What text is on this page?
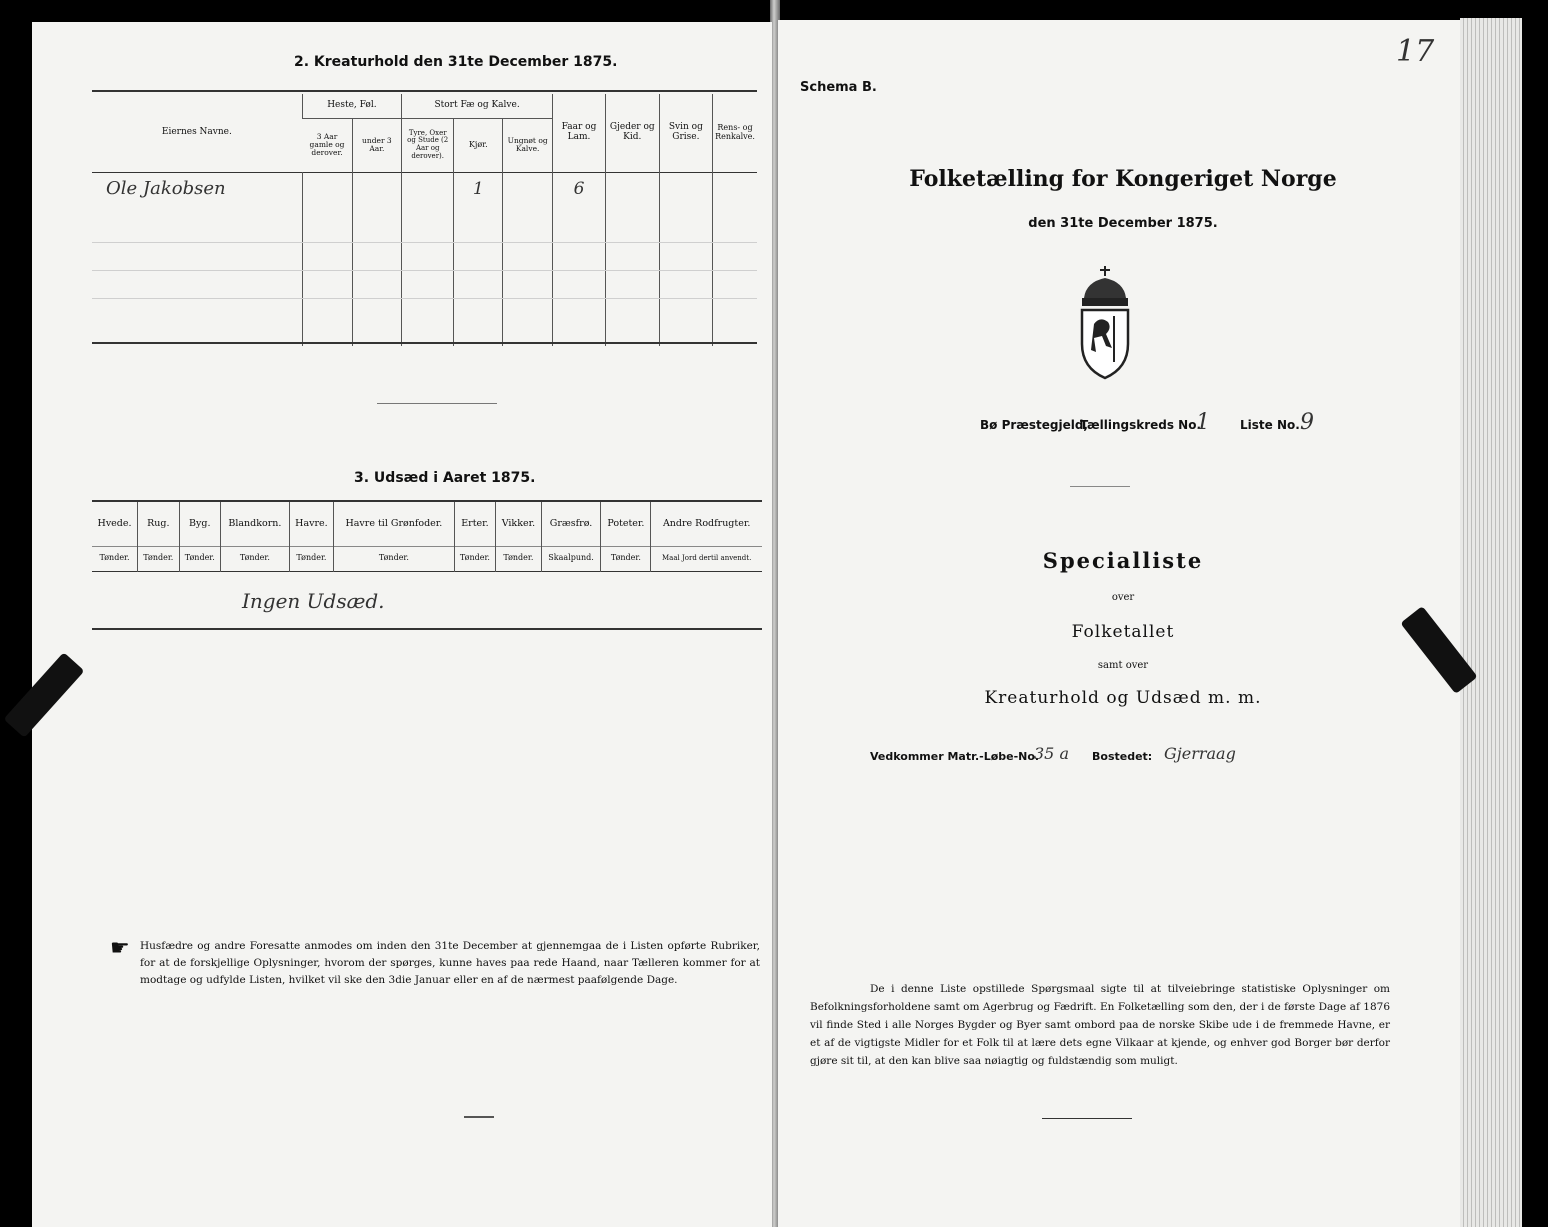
2. Kreaturhold den 31te December 1875.
Eiernes Navne.	Heste, Føl.		Stort Fæ og Kalve.			Faar og Lam.	Gjeder og Kid.	Svin og Grise.	Rens- og Renkalve.
	3 Aar gamle og derover.	under 3 Aar.	Tyre, Oxer og Stude (2 Aar og derover).	Kjør.	Ungnøt og Kalve.				
Ole Jakobsen				1		6			

3. Udsæd i Aaret 1875.
Hvede.	Rug.	Byg.	Blandkorn.	Havre.	Havre til Grønfoder.	Erter.	Vikker.	Græsfrø.	Poteter.	Andre Rodfrugter.
Tønder.	Tønder.	Tønder.	Tønder.	Tønder.	Tønder.	Tønder.	Tønder.	Skaalpund.	Tønder.	Maal Jord dertil anvendt.
Ingen Udsæd.										
☛ Husfædre og andre Foresatte anmodes om inden den 31te December at gjennemgaa de i Listen opførte Rubriker, for at de forskjellige Oplysninger, hvorom der spørges, kunne haves paa rede Haand, naar Tælleren kommer for at modtage og udfylde Listen, hvilket vil ske den 3die Januar eller en af de nærmest paafølgende Dage.
17
Schema B.
Folketælling for Kongeriget Norge
den 31te December 1875.
Bø Præstegjeld,
Tællingskreds No.
1	Liste No. 9
Specialliste
over
Folketallet
samt over
Kreaturhold og Udsæd m. m.
Vedkommer Matr.-Løbe-No.
35 a Bostedet: Gjerraag
De i denne Liste opstillede Spørgsmaal sigte til at tilveiebringe statistiske Oplysninger om Befolkningsforholdene samt om Agerbrug og Fædrift. En Folketælling som den, der i de første Dage af 1876 vil finde Sted i alle Norges Bygder og Byer samt ombord paa de norske Skibe ude i de fremmede Havne, er et af de vigtigste Midler for et Folk til at lære dets egne Vilkaar at kjende, og enhver god Borger bør derfor gjøre sit til, at den kan blive saa nøiagtig og fuldstændig som muligt.
